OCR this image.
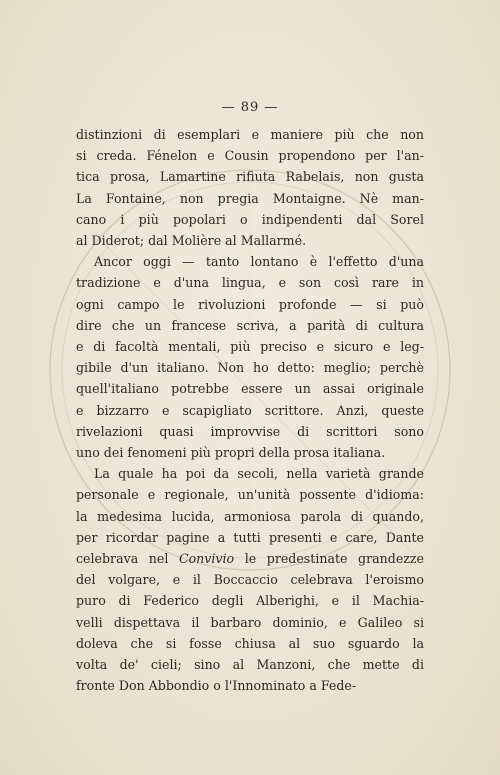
— 89 —
distinzioni di esemplari e maniere più che non
si creda. Fénelon e Cousin propendono per l'an-
tica prosa, Lamartine rifiuta Rabelais, non gusta
La Fontaine, non pregia Montaigne. Nè man-
cano i più popolari o indipendenti dal Sorel
al Diderot; dal Molière al Mallarmé.
Ancor oggi — tanto lontano è l'effetto d'una
tradizione e d'una lingua, e son così rare in
ogni campo le rivoluzioni profonde — si può
dire che un francese scriva, a parità di cultura
e di facoltà mentali, più preciso e sicuro e leg-
gibile d'un italiano. Non ho detto: meglio; perchè
quell'italiano potrebbe essere un assai originale
e bizzarro e scapigliato scrittore. Anzi, queste
rivelazioni quasi improvvise di scrittori sono
uno dei fenomeni più propri della prosa italiana.
La quale ha poi da secoli, nella varietà grande
personale e regionale, un'unità possente d'idioma:
la medesima lucida, armoniosa parola di quando,
per ricordar pagine a tutti presenti e care, Dante
celebrava nel Convivio le predestinate grandezze
del volgare, e il Boccaccio celebrava l'eroismo
puro di Federico degli Alberighi, e il Machia-
velli dispettava il barbaro dominio, e Galileo si
doleva che si fosse chiusa al suo sguardo la
volta de' cieli; sino al Manzoni, che mette di
fronte Don Abbondio o l'Innominato a Fede-
